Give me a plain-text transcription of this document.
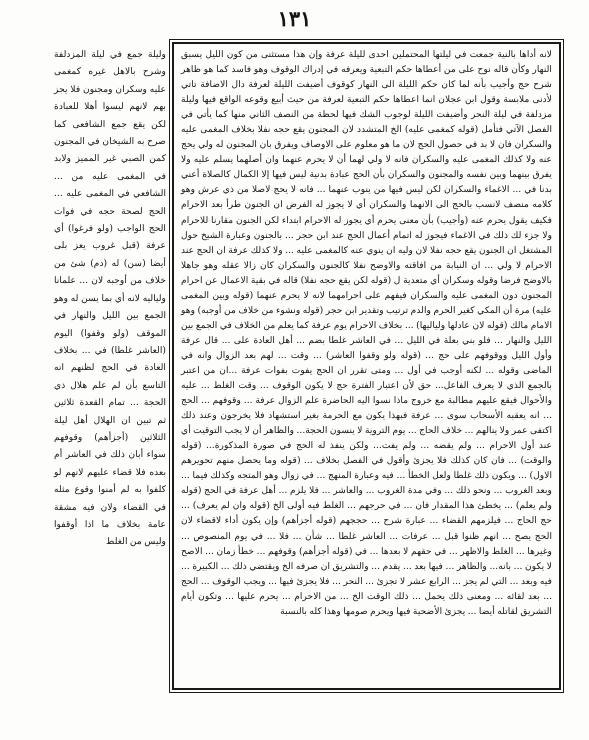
١٣١

وليلة جمع في ليلة المزدلفة وشرح بالاهل غيره كمغمى عليه وسكران ومجنون فلا يجز بهم لانهم ليسوا أهلا للعبادة لكن يقع جمع الشافعى كما صرح به الشيخان في المجنون كمن الصبي غير المميز ولابد في المغمى عليه من ... الشافعي في المغمى عليه ... الحج لصحة حجه في فوات الحج الواجب (ولو فرغوا) أي عرفة (قبل غروب يعز بلى أيضا (سن) له (دم) شئ من خلاف من أوجبه لان ... علمانا ولياليه لانه أي بما يسن له وهو الجمع بين الليل والنهار في الموقف (ولو وقفوا) اليوم (العاشر غلطا) في ... بخلاف العادة في الحج لظنهم انه التاسع بأن لم علم هلال ذي الحجة ... تمام القعدة ثلاثين ثم تبين ان الهلال أهل ليلة الثلاثين (أجزأهم) وقوفهم سواء أبان ذلك في العاشر أم بعده فلا قضاء عليهم لانهم لو كلفوا به لم أمنوا وقوع مثله في القضاء ولان فيه مشقة عامة بخلاف ما اذا أوقفوا وليس من الغلط

لانه أداها بالنية جمعت في ليلتها المحتملين احدى لليلة عرفة وإن هذا مستثنى من كون الليل يسبق النهار وكأن قاله نوح على من أعطاها حكم التبعية ويعرفه في إدراك الوقوف وهو فاسد كما هو ظاهر شرح حج وأجيب بأنه لما كان حكم الليلة الى النهار كوقوف أضيفت الليلة لعرفة دال الاضافة تاتي لأدنى ملابسة وقول ابن عجلان انما اعطاها حكم التبعية لعرفة من حيث أبيع وقوعه الواقع فيها وليلة مزدلفة في ليلة النحر وأضيفت الليلة لوجوب الشك فيها لحظة من النصف الثاني منها كما يأتي في الفصل الآتي فتأمل (قوله كمغمى عليه) الخ المتشدد لان المجنون يقع حجه نفلا بخلاف المغمى عليه والسكران فان لا بد في حصول الحج لان ما هو معلوم على الاوصاف ويفرق بان المجنون له ولي يحج عنه ولا كذلك المغمى عليه والسكران فانه لا ولي لهما أن لا يحرم عنهما وان أصلهما يسلم عليه ولا يفرق بينهما وبين نفسه والمجنون والسكران بأن الحج عبادة بدنية ليس فيها إلا الكمال كالصلاة أعني بدنا في ... الاغماء والسكران لكن ليس فيها من ينوب عنهما ... فانه لا يحج لاصلا من ذي عرش وهو كلامه منصف لانسب بالحج الى الانهما والسكران أي لا يجوز له الفرض ان الجنون طرأ بعد الاحرام فكيف يقول يحرم عنه (وأجيب) بأن معنى يحرم أي يجوز له الاحرام ابتداء لكن الجنون مقارنا للاحرام ولا جزء لك ذلك في الاغماء فيجوز له اتمام أعمال الحج عند ابن حجر ... بالجنون وعبارة الشيخ حول المشتغل ان الجنون يقع حجه نفلا لان وليه ان ينوي عنه كالمغمى عليه ... ولا كذلك عرفة ان الحج عند الاحرام لا ولي ... ان النيابة من افاقته والاوضح نفلا كالجنون والسكران كان زالا عقله وهو جاهلا بالاوضح فرضا وقوله وسكران أي متعدية ل (قوله لكن يقع حجه نفلا) قاله في بقية الاعمال عن احرام المجنون دون المغمى عليه والسكران فيفهم على احرامهما لانه لا يحرم عنهما (قوله وبين المغمى عليه) مرة أن المكي كغير الحرم والدم ترتيب وتقدير ابن حجر (قوله ونشوء من خلاف من أوجبه) وهو الامام مالك (قوله لان عادلها ولياليها) ... بخلاف الاحرام يوم عرفة كما يعلم من الخلاف في الجمع بين الليل والنهار ... فلو بني بعلة في الليل ... في العاشر غلطا بضم ... أهل العادة على ... قال عرفة وأول الليل ووقوفهم على حج ... (قوله ولو وقفوا العاشر) ... وقت ... لهم بعد الزوال وانه في الماضى وقوله ... لكنه أوجب في أول ... ومتى تقرر ان الحج يفوت بفوات عرفة ...ان من اعتبر بالجمع الذي لا يعرف الفاعل... حق لأن اعتبار الفترة حج لا يكون الوقوف ... وقت الغلط ... عليه والأحوال فيقع عليهم مطالبة مع خروج ماذا نسوا اليه الحاضرة علم الزوال عرفة ... وقوفهم ... الحج ... انه يعقبه الأسحاب سوى ... عرفة فبهذا يكون مع الحرمة بغير استشهاد فلا يخرجون وعند ذلك اكتفى عمر ولا ينالهم ... خلاف الحاج ... يوم التروية لا ينسون الحجة... والظاهر أن لا يجب التوقيت أي عند أول الاحرام ... ولم يقضه ... ولم يفت... ولكن ينفذ له الحج في صورة المذكورة... (قوله والوقت) ... فان كان كذلك فلا يجزئ وأقول في الفصل بخلاف ... (قوله وما يحصل منهم تحويرهم الاول) ... ويكون ذلك غلطا ولعل الخطأ ... فيه وعبارة المنهج ... في زوال وهو المتجه وكذلك فيما ... وبعد الغروب ... ونحو ذلك ... وفي مدة الغروب ... والعاشر ... فلا يلزم ... أهل عرفة في الحج (قوله ولم يعلم) ... يخطئ هذا المقدار فان ... في حرجهم ... الغلط فيه أولى الخ (قوله وان لم يعرف) ... حج الحاج ... فيلزمهم القضاء ... عبارة شرح ... حججهم (قوله أجزأهم) وإن يكون أداء لاقضاء لان الحج يصح ... انهم ظنوا قبل ... عرفات ... العاشر غلطا ... شأن ... فلا ... في يوم المنصوص ... وغيرها ... الغلط والاظهر ... في حقهم لا بعدها ... في (قوله أجزأهم) وقوفهم ... خطأ زمان ... الاصح لا يكون ... بانه... والظاهر ... فيها بعد ... يقدم ... والتشريق ان صرفه الخ ويقتضي ذلك ... الكبيرة ... فيه وبعد ... التي لم يجز ... الرابع عشر لا تجزئ ... النحر ... فلا يجزئ فيها ... ويجب الوقوف ... الحج ... بعد لقائه ... ومعنى ذلك يحمل ... ذلك الوقت الخ ... من الاحرام ... يحرم عليها ... وتكون أيام التشريق لقاتله أيضا ... يجزئ الأضحية فيها ويحرم صومها وهذا كله بالنسبة
